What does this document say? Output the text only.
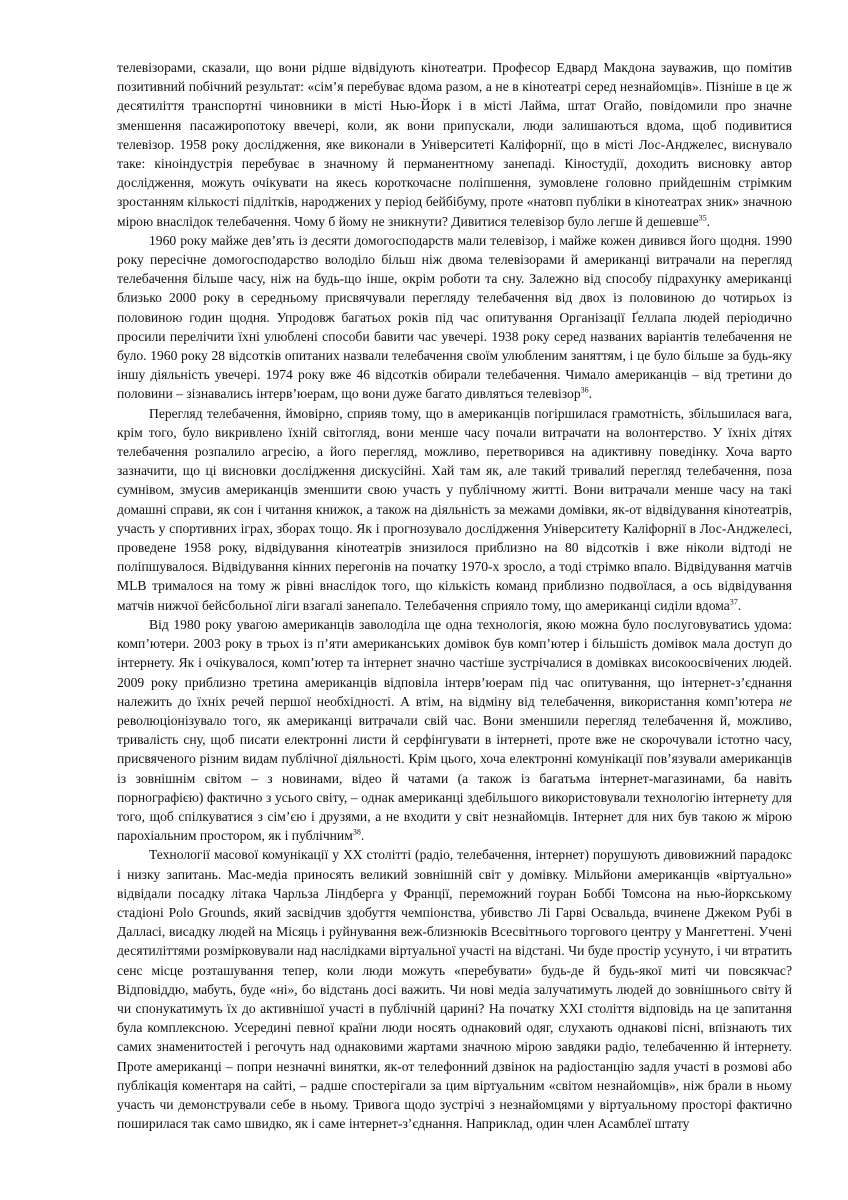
телевізорами, сказали, що вони рідше відвідують кінотеатри. Професор Едвард Макдона зауважив, що помітив позитивний побічний результат: «сім’я перебуває вдома разом, а не в кінотеатрі серед незнайомців». Пізніше в це ж десятиліття транспортні чиновники в місті Нью-Йорк і в місті Лайма, штат Огайо, повідомили про значне зменшення пасажиропотоку ввечері, коли, як вони припускали, люди залишаються вдома, щоб подивитися телевізор. 1958 року дослідження, яке виконали в Університеті Каліфорнії, що в місті Лос-Анджелес, виснувало таке: кіноіндустрія перебуває в значному й перманентному занепаді. Кіностудії, доходить висновку автор дослідження, можуть очікувати на якесь короткочасне поліпшення, зумовлене головно прийдешнім стрімким зростанням кількості підлітків, народжених у період бейбібуму, проте «натовп публіки в кінотеатрах зник» значною мірою внаслідок телебачення. Чому б йому не зникнути? Дивитися телевізор було легше й дешевше$^{35}$.

1960 року майже дев’ять із десяти домогосподарств мали телевізор, і майже кожен дивився його щодня. 1990 року пересічне домогосподарство володіло більш ніж двома телевізорами й американці витрачали на перегляд телебачення більше часу, ніж на будь-що інше, окрім роботи та сну. Залежно від способу підрахунку американці близько 2000 року в середньому присвячували перегляду телебачення від двох із половиною до чотирьох із половиною годин щодня. Упродовж багатьох років під час опитування Організації Ґеллапа людей періодично просили перелічити їхні улюблені способи бавити час увечері. 1938 року серед названих варіантів телебачення не було. 1960 року 28 відсотків опитаних назвали телебачення своїм улюбленим заняттям, і це було більше за будь-яку іншу діяльність увечері. 1974 року вже 46 відсотків обирали телебачення. Чимало американців – від третини до половини – зізнавались інтерв’юерам, що вони дуже багато дивляться телевізор$^{36}$.

Перегляд телебачення, ймовірно, сприяв тому, що в американців погіршилася грамотність, збільшилася вага, крім того, було викривлено їхній світогляд, вони менше часу почали витрачати на волонтерство. У їхніх дітях телебачення розпалило агресію, а його перегляд, можливо, перетворився на адиктивну поведінку. Хоча варто зазначити, що ці висновки дослідження дискусійні. Хай там як, але такий тривалий перегляд телебачення, поза сумнівом, змусив американців зменшити свою участь у публічному житті. Вони витрачали менше часу на такі домашні справи, як сон і читання книжок, а також на діяльність за межами домівки, як-от відвідування кінотеатрів, участь у спортивних іграх, зборах тощо. Як і прогнозувало дослідження Університету Каліфорнії в Лос-Анджелесі, проведене 1958 року, відвідування кінотеатрів знизилося приблизно на 80 відсотків і вже ніколи відтоді не поліпшувалося. Відвідування кінних перегонів на початку 1970-х зросло, а тоді стрімко впало. Відвідування матчів MLB трималося на тому ж рівні внаслідок того, що кількість команд приблизно подвоїлася, а ось відвідування матчів нижчої бейсбольної ліги взагалі занепало. Телебачення сприяло тому, що американці сиділи вдома$^{37}$.

Від 1980 року увагою американців заволоділа ще одна технологія, якою можна було послуговуватись удома: комп’ютери. 2003 року в трьох із п’яти американських домівок був комп’ютер і більшість домівок мала доступ до інтернету. Як і очікувалося, комп’ютер та інтернет значно частіше зустрічалися в домівках високоосвічених людей. 2009 року приблизно третина американців відповіла інтерв’юерам під час опитування, що інтернет-з’єднання належить до їхніх речей першої необхідності. А втім, на відміну від телебачення, використання комп’ютера не революціонізувало того, як американці витрачали свій час. Вони зменшили перегляд телебачення й, можливо, тривалість сну, щоб писати електронні листи й серфінгувати в інтернеті, проте вже не скорочували істотно часу, присвяченого різним видам публічної діяльності. Крім цього, хоча електронні комунікації пов’язували американців із зовнішнім світом – з новинами, відео й чатами (а також із багатьма інтернет-магазинами, ба навіть порнографією) фактично з усього світу, – однак американці здебільшого використовували технологію інтернету для того, щоб спілкуватися з сім’єю і друзями, а не входити у світ незнайомців. Інтернет для них був такою ж мірою парохіальним простором, як і публічним$^{38}$.

Технології масової комунікації у XX столітті (радіо, телебачення, інтернет) порушують дивовижний парадокс і низку запитань. Мас-медіа приносять великий зовнішній світ у домівку. Мільйони американців «віртуально» відвідали посадку літака Чарльза Ліндберга у Франції, переможний гоуран Боббі Томсона на нью-йоркському стадіоні Polo Grounds, який засвідчив здобуття чемпіонства, убивство Лі Гарві Освальда, вчинене Джеком Рубі в Далласі, висадку людей на Місяць і руйнування веж-близнюків Всесвітнього торгового центру у Мангеттені. Учені десятиліттями розмірковували над наслідками віртуальної участі на відстані. Чи буде простір усунуто, і чи втратить сенс місце розташування тепер, коли люди можуть «перебувати» будь-де й будь-якої миті чи повсякчас? Відповіддю, мабуть, буде «ні», бо відстань досі важить. Чи нові медіа залучатимуть людей до зовнішнього світу й чи спонукатимуть їх до активнішої участі в публічній царині? На початку XXI століття відповідь на це запитання була комплексною. Усередині певної країни люди носять однаковий одяг, слухають однакові пісні, впізнають тих самих знаменитостей і регочуть над однаковими жартами значною мірою завдяки радіо, телебаченню й інтернету. Проте американці – попри незначні винятки, як-от телефонний дзвінок на радіостанцію задля участі в розмові або публікація коментаря на сайті, – радше спостерігали за цим віртуальним «світом незнайомців», ніж брали в ньому участь чи демонстрували себе в ньому. Тривога щодо зустрічі з незнайомцями у віртуальному просторі фактично поширилася так само швидко, як і саме інтернет-з’єднання. Наприклад, один член Асамблеї штату
